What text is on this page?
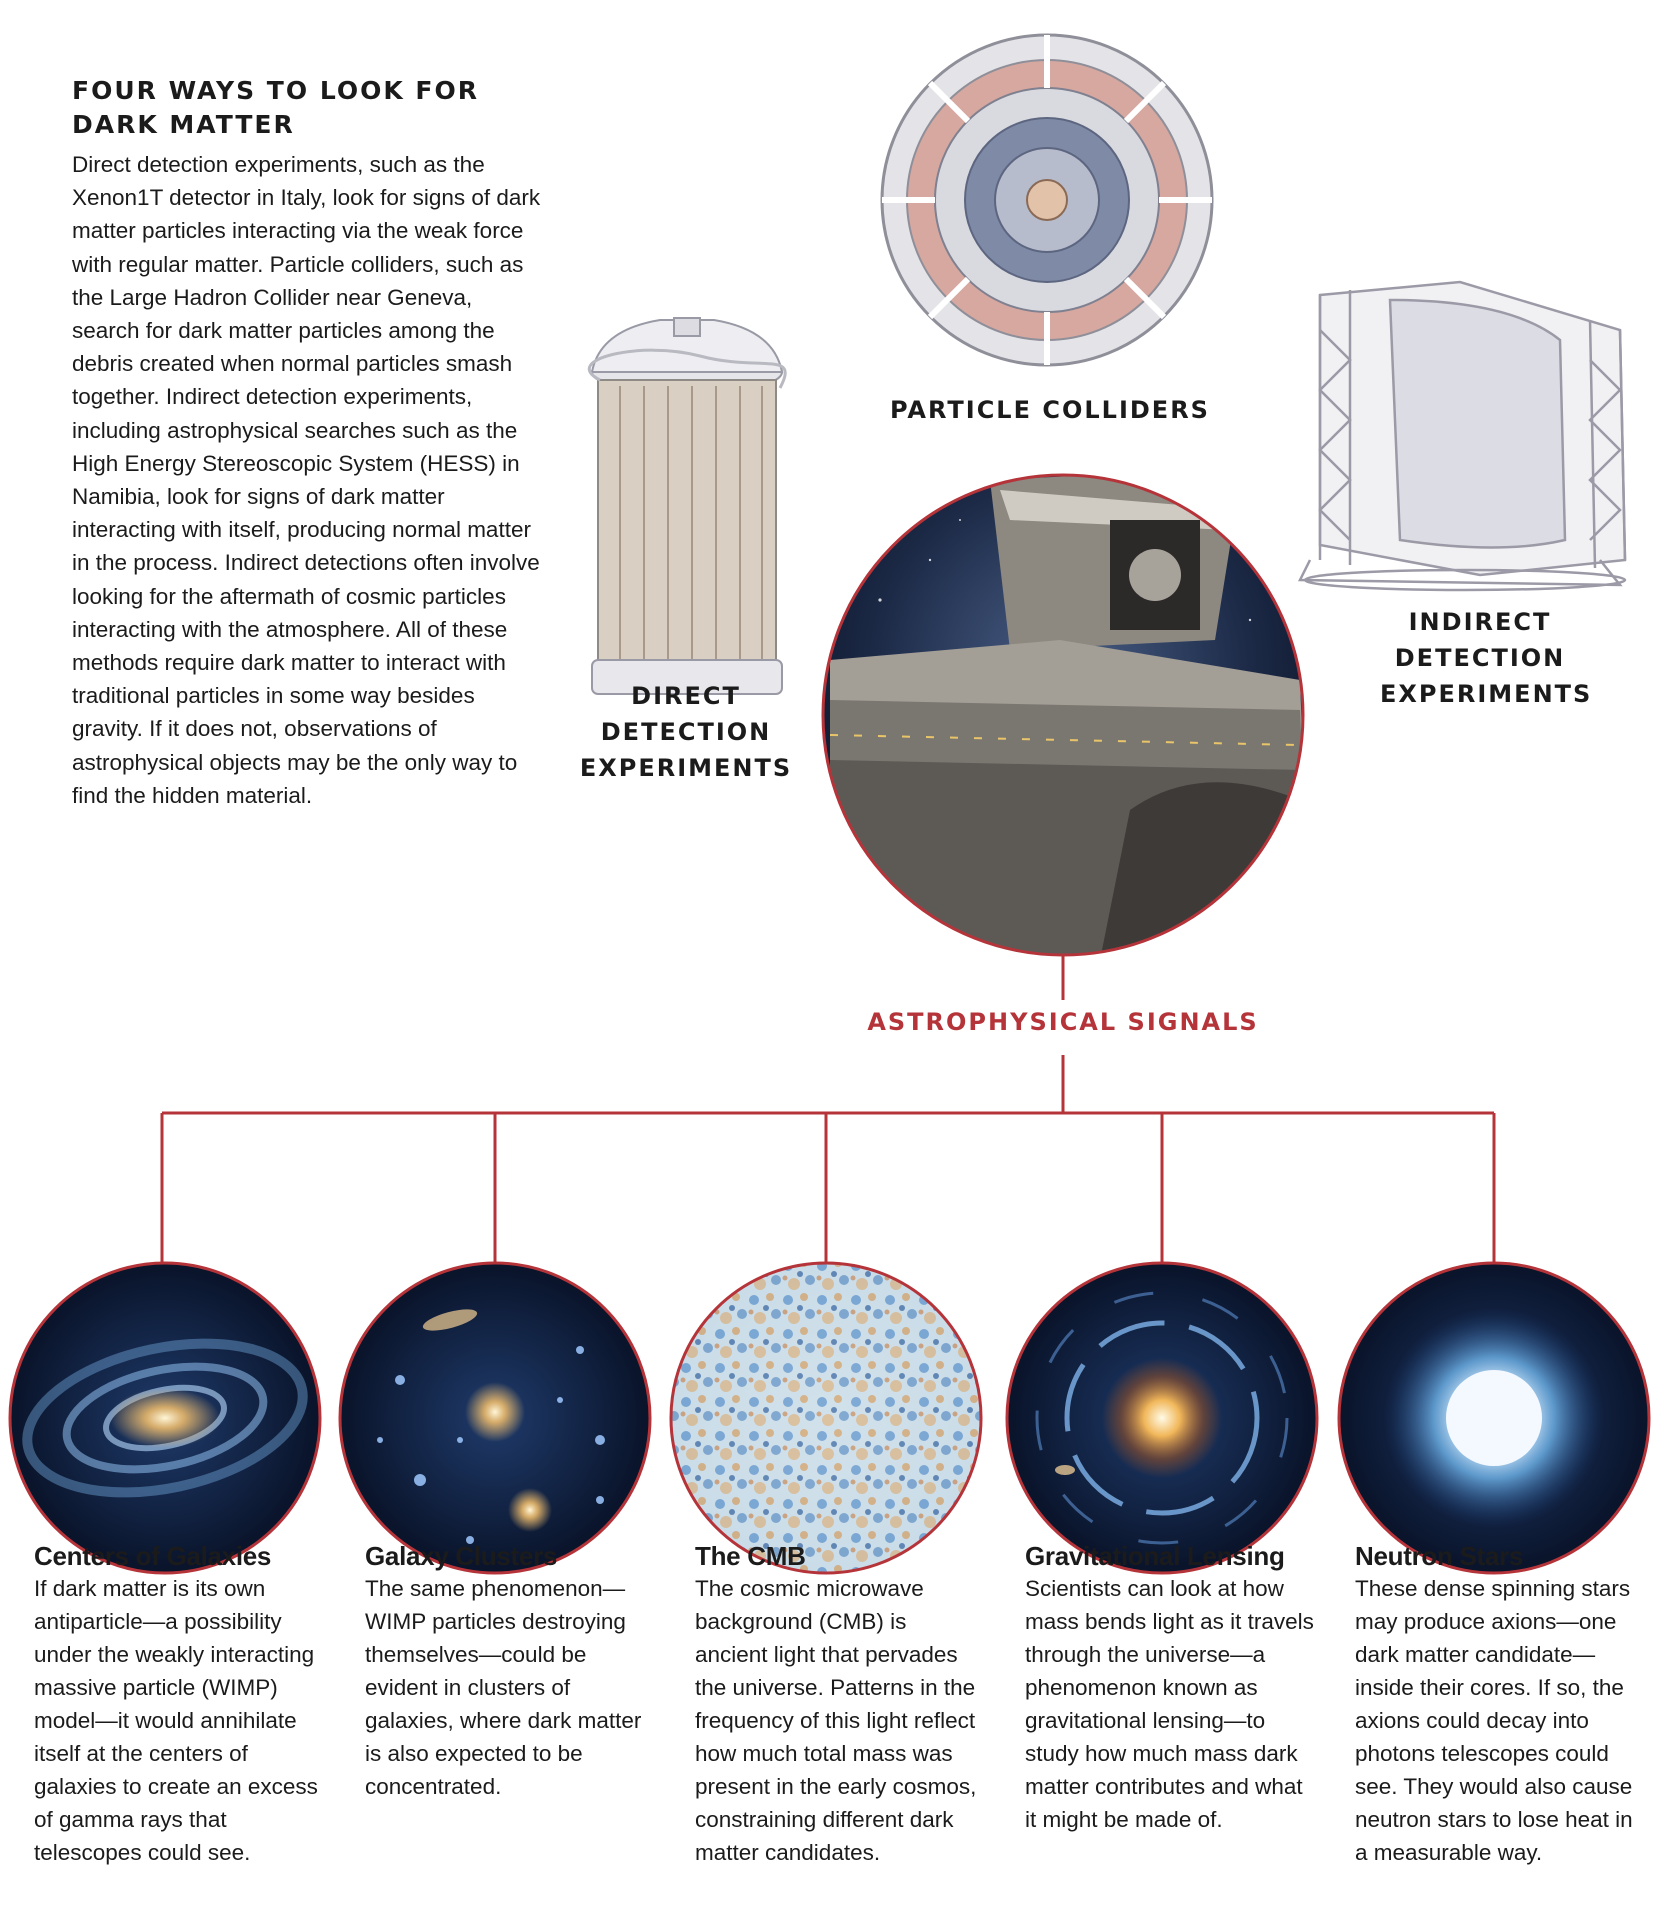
FOUR WAYS TO LOOK FOR DARK MATTER
Direct detection experiments, such as the Xenon1T detector in Italy, look for signs of dark matter particles interacting via the weak force with regular matter. Particle colliders, such as the Large Hadron Collider near Geneva, search for dark matter particles among the debris created when normal particles smash together. Indirect detection experiments, including astrophysical searches such as the High Energy Stereoscopic System (HESS) in Namibia, look for signs of dark matter interacting with itself, producing normal matter in the process. Indirect detections often involve looking for the aftermath of cosmic particles interacting with the atmosphere. All of these methods require dark matter to interact with traditional particles in some way besides gravity. If it does not, observations of astrophysical objects may be the only way to find the hidden material.
DIRECT DETECTION EXPERIMENTS
PARTICLE COLLIDERS
INDIRECT DETECTION EXPERIMENTS
ASTROPHYSICAL SIGNALS
Centers of Galaxies
If dark matter is its own antiparticle—a possibility under the weakly interacting massive particle (WIMP) model—it would annihilate itself at the centers of galaxies to create an excess of gamma rays that telescopes could see.
Galaxy Clusters
The same phenomenon—WIMP particles destroying themselves—could be evident in clusters of galaxies, where dark matter is also expected to be concentrated.
The CMB
The cosmic microwave background (CMB) is ancient light that pervades the universe. Patterns in the frequency of this light reflect how much total mass was present in the early cosmos, constraining different dark matter candidates.
Gravitational Lensing
Scientists can look at how mass bends light as it travels through the universe—a phenomenon known as gravitational lensing—to study how much mass dark matter contributes and what it might be made of.
Neutron Stars
These dense spinning stars may produce axions—one dark matter candidate—inside their cores. If so, the axions could decay into photons telescopes could see. They would also cause neutron stars to lose heat in a measurable way.
